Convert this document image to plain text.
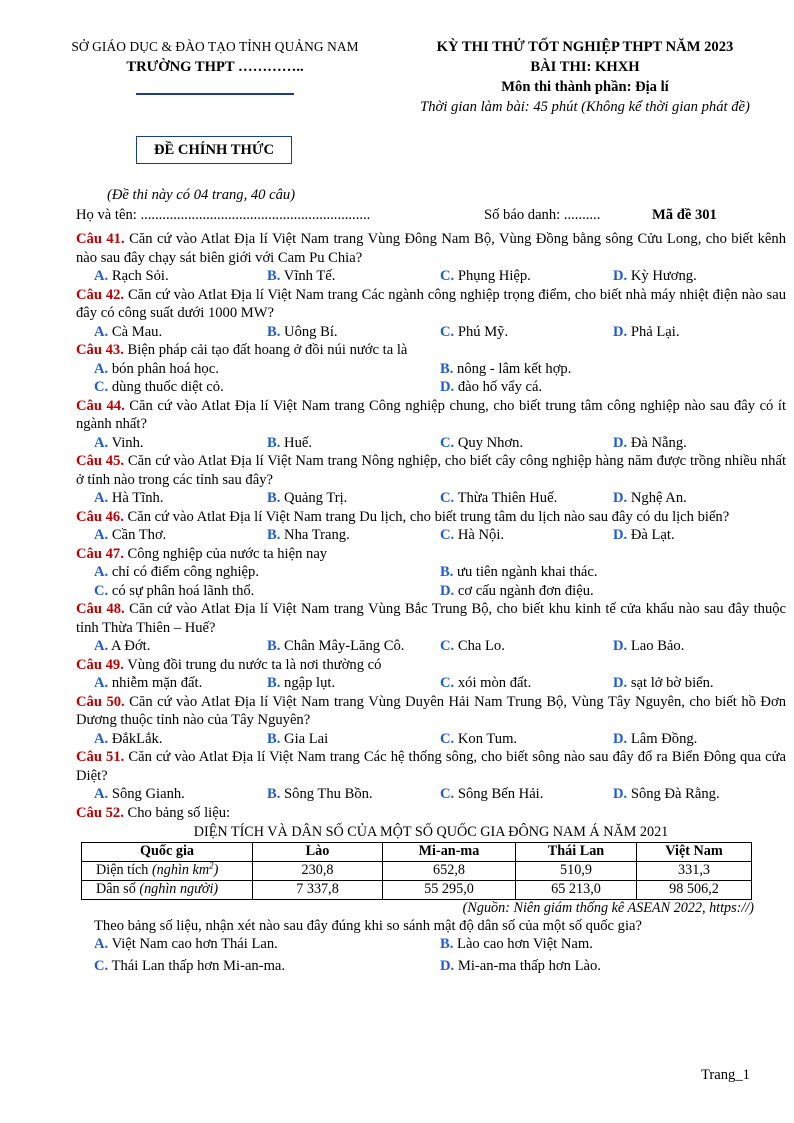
SỞ GIÁO DỤC & ĐÀO TẠO TỈNH QUẢNG NAM
TRƯỜNG THPT …………..
KỲ THI THỬ TỐT NGHIỆP THPT NĂM 2023
BÀI THI: KHXH
Môn thi thành phần: Địa lí
Thời gian làm bài: 45 phút (Không kể thời gian phát đề)
ĐỀ CHÍNH THỨC
(Đề thi này có 04 trang, 40 câu)
Họ và tên: ...............................................................	Số báo danh: ..........	Mã đề 301
Câu 41. Căn cứ vào Atlat Địa lí Việt Nam trang Vùng Đông Nam Bộ, Vùng Đồng bằng sông Cửu Long, cho biết kênh nào sau đây chạy sát biên giới với Cam Pu Chia?
A. Rạch Sỏi.	B. Vĩnh Tế.	C. Phụng Hiệp.	D. Kỳ Hương.
Câu 42. Căn cứ vào Atlat Địa lí Việt Nam trang Các ngành công nghiệp trọng điểm, cho biết nhà máy nhiệt điện nào sau đây có công suất dưới 1000 MW?
A. Cà Mau.	B. Uông Bí.	C. Phú Mỹ.	D. Phả Lại.
Câu 43. Biện pháp cải tạo đất hoang ở đồi núi nước ta là
A. bón phân hoá học.	B. nông - lâm kết hợp.
C. dùng thuốc diệt cỏ.	D. đào hố vẩy cá.
Câu 44. Căn cứ vào Atlat Địa lí Việt Nam trang Công nghiệp chung, cho biết trung tâm công nghiệp nào sau đây có ít ngành nhất?
A. Vinh.	B. Huế.	C. Quy Nhơn.	D. Đà Nẵng.
Câu 45. Căn cứ vào Atlat Địa lí Việt Nam trang Nông nghiệp, cho biết cây công nghiệp hàng năm được trồng nhiều nhất ở tỉnh nào trong các tỉnh sau đây?
A. Hà Tĩnh.	B. Quảng Trị.	C. Thừa Thiên Huế.	D. Nghệ An.
Câu 46. Căn cứ vào Atlat Địa lí Việt Nam trang Du lịch, cho biết trung tâm du lịch nào sau đây có du lịch biển?
A. Cần Thơ.	B. Nha Trang.	C. Hà Nội.	D. Đà Lạt.
Câu 47. Công nghiệp của nước ta hiện nay
A. chỉ có điểm công nghiệp.	B. ưu tiên ngành khai thác.
C. có sự phân hoá lãnh thổ.	D. cơ cấu ngành đơn điệu.
Câu 48. Căn cứ vào Atlat Địa lí Việt Nam trang Vùng Bắc Trung Bộ, cho biết khu kinh tế cửa khẩu nào sau đây thuộc tỉnh Thừa Thiên – Huế?
A. A Đớt.	B. Chân Mây-Lăng Cô.	C. Cha Lo.	D. Lao Bảo.
Câu 49. Vùng đồi trung du nước ta là nơi thường có
A. nhiễm mặn đất.	B. ngập lụt.	C. xói mòn đất.	D. sạt lở bờ biển.
Câu 50. Căn cứ vào Atlat Địa lí Việt Nam trang Vùng Duyên Hải Nam Trung Bộ, Vùng Tây Nguyên, cho biết hồ Đơn Dương thuộc tỉnh nào của Tây Nguyên?
A. ĐắkLắk.	B. Gia Lai	C. Kon Tum.	D. Lâm Đồng.
Câu 51. Căn cứ vào Atlat Địa lí Việt Nam trang Các hệ thống sông, cho biết sông nào sau đây đổ ra Biển Đông qua cửa Diệt?
A. Sông Gianh.	B. Sông Thu Bồn.	C. Sông Bến Hải.	D. Sông Đà Rằng.
Câu 52. Cho bảng số liệu:
DIỆN TÍCH VÀ DÂN SỐ CỦA MỘT SỐ QUỐC GIA ĐÔNG NAM Á NĂM 2021
Quốc gia	Lào	Mi-an-ma	Thái Lan	Việt Nam
Diện tích (nghìn $km^2$)	230,8	652,8	510,9	331,3
Dân số (nghìn người)	7 337,8	55 295,0	65 213,0	98 506,2
(Nguồn: Niên giám thống kê ASEAN 2022, https://)
Theo bảng số liệu, nhận xét nào sau đây đúng khi so sánh mật độ dân số của một số quốc gia?
A. Việt Nam cao hơn Thái Lan.	B. Lào cao hơn Việt Nam.
C. Thái Lan thấp hơn Mi-an-ma.	D. Mi-an-ma thấp hơn Lào.
Trang_1
